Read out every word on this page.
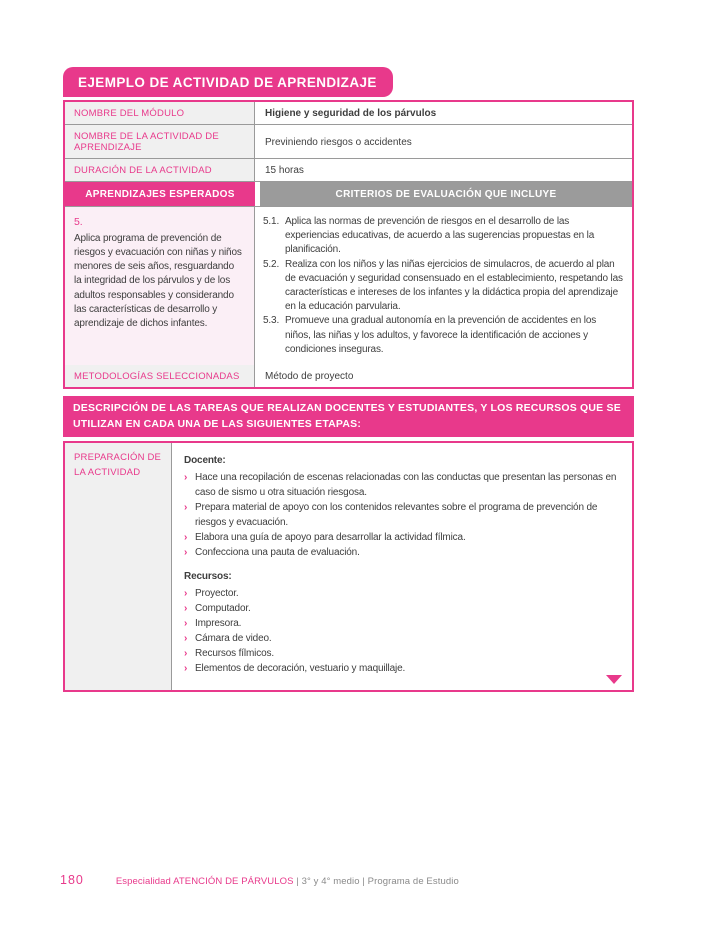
EJEMPLO DE ACTIVIDAD DE APRENDIZAJE
NOMBRE DEL MÓDULO	Higiene y seguridad de los párvulos
NOMBRE DE LA ACTIVIDAD DE APRENDIZAJE	Previniendo riesgos o accidentes
DURACIÓN DE LA ACTIVIDAD	15 horas
APRENDIZAJES ESPERADOS	CRITERIOS DE EVALUACIÓN QUE INCLUYE
5.
Aplica programa de prevención de riesgos y evacuación con niñas y niños menores de seis años, resguardando la integridad de los párvulos y de los adultos responsables y considerando las características de desarrollo y aprendizaje de dichos infantes.
5.1. Aplica las normas de prevención de riesgos en el desarrollo de las experiencias educativas, de acuerdo a las sugerencias propuestas en la planificación.
5.2. Realiza con los niños y las niñas ejercicios de simulacros, de acuerdo al plan de evacuación y seguridad consensuado en el establecimiento, respetando las características e intereses de los infantes y la didáctica propia del aprendizaje en la educación parvularia.
5.3. Promueve una gradual autonomía en la prevención de accidentes en los niños, las niñas y los adultos, y favorece la identificación de acciones y condiciones inseguras.
METODOLOGÍAS SELECCIONADAS	Método de proyecto
DESCRIPCIÓN DE LAS TAREAS QUE REALIZAN DOCENTES Y ESTUDIANTES, Y LOS RECURSOS QUE SE UTILIZAN EN CADA UNA DE LAS SIGUIENTES ETAPAS:
PREPARACIÓN DE LA ACTIVIDAD
Docente:
› Hace una recopilación de escenas relacionadas con las conductas que presentan las personas en caso de sismo u otra situación riesgosa.
› Prepara material de apoyo con los contenidos relevantes sobre el programa de prevención de riesgos y evacuación.
› Elabora una guía de apoyo para desarrollar la actividad fílmica.
› Confecciona una pauta de evaluación.
Recursos:
› Proyector.
› Computador.
› Impresora.
› Cámara de video.
› Recursos fílmicos.
› Elementos de decoración, vestuario y maquillaje.
180	Especialidad ATENCIÓN DE PÁRVULOS | 3° y 4° medio | Programa de Estudio
